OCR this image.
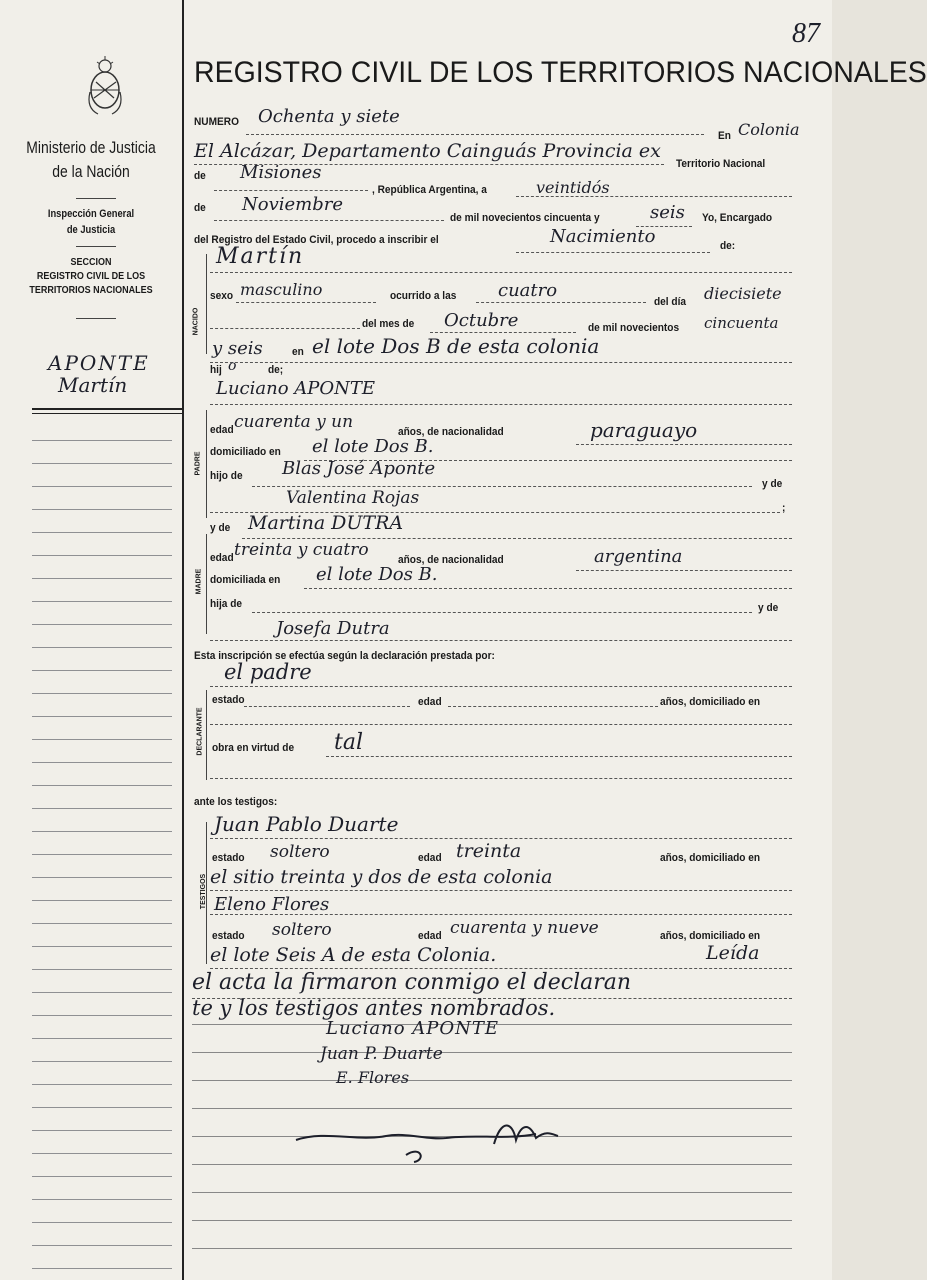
Ministerio de Justicia
de la Nación
Inspección General
de Justicia
SECCION
REGISTRO CIVIL DE LOS
TERRITORIOS NACIONALES
APONTE
Martín
87
REGISTRO CIVIL DE LOS TERRITORIOS NACIONALES
NUMERO Ochenta y siete
En Colonia
El Alcázar, Departamento Cainguás Provincia ex
Territorio Nacional
de Misiones
, República Argentina, a	veintidós
de Noviembre
de mil novecientos cincuenta y	seis Yo, Encargado
del Registro del Estado Civil, procedo a inscribir el	Nacimiento	de:
NACIDO
Martín
sexo masculino	ocurrido a las cuatro
del día diecisiete
del mes de Octubre	de mil novecientos cincuenta
y seis	en el lote Dos B de esta colonia
hij o	de;
PADRE
Luciano APONTE
edad cuarenta y un	años, de nacionalidad	paraguayo
domiciliado en el lote Dos B.
hijo de Blas José Aponte
y de
Valentina Rojas	;
MADRE
y de Martina DUTRA
edad treinta y cuatro	años, de nacionalidad	argentina
domiciliada en el lote Dos B.
hija de	y de
Josefa Dutra
Esta inscripción se efectúa según la declaración prestada por:
DECLARANTE
el padre
estado	edad	años, domiciliado en
obra en virtud de tal
ante los testigos:
TESTIGOS
Juan Pablo Duarte
estado soltero	edad treinta	años, domiciliado en
el sitio treinta y dos de esta colonia
Eleno Flores
estado soltero	edad cuarenta y nueve	años, domiciliado en
el lote Seis A de esta Colonia.	Leída
el acta la firmaron conmigo el declaran
te y los testigos antes nombrados.
Luciano APONTE
Juan P. Duarte
E. Flores
